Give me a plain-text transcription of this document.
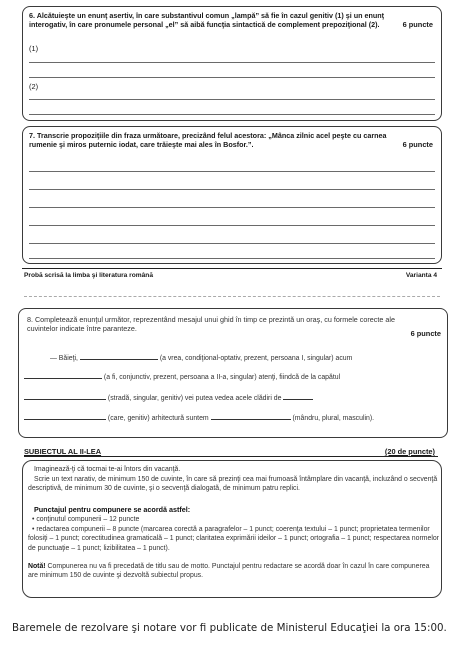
6. Alcătuieşte un enunţ asertiv, în care substantivul comun „lampă” să fie în cazul genitiv (1) şi un enunţ interogativ, în care pronumele personal „el” să aibă funcţia sintactică de complement prepoziţional (2).	6 puncte
(1)
(2)
7. Transcrie propoziţiile din fraza următoare, precizând felul acestora: „Mânca zilnic acel peşte cu carnea rumenie şi miros puternic iodat, care trăieşte mai ales în Bosfor.”.	6 puncte
Probă scrisă la limba şi literatura română	Varianta 4
8. Completează enunţul următor, reprezentând mesajul unui ghid în timp ce prezintă un oraş, cu formele corecte ale cuvintelor indicate între paranteze.
6 puncte
— Băieţi,	(a vrea, condiţional-optativ, prezent, persoana I, singular) acum
(a fi, conjunctiv, prezent, persoana a II-a, singular) atenţi, fiindcă de la capătul
(stradă, singular, genitiv) vei putea vedea acele clădiri de
(care, genitiv) arhitectură suntem	(mândru, plural, masculin).
SUBIECTUL AL II-LEA	(20 de puncte)
Imaginează-ţi că tocmai te-ai întors din vacanţă.
Scrie un text narativ, de minimum 150 de cuvinte, în care să prezinţi cea mai frumoasă întâmplare din vacanţă, incluzând o secvenţă descriptivă, de minimum 30 de cuvinte, şi o secvenţă dialogată, de minimum patru replici.
Punctajul pentru compunere se acordă astfel:
• conţinutul compunerii – 12 puncte
• redactarea compunerii – 8 puncte (marcarea corectă a paragrafelor – 1 punct; coerenţa textului – 1 punct; proprietatea termenilor folosiţi – 1 punct; corectitudinea gramaticală – 1 punct; claritatea exprimării ideilor – 1 punct; ortografia – 1 punct; respectarea normelor de punctuaţie – 1 punct; lizibilitatea – 1 punct).
Notă! Compunerea nu va fi precedată de titlu sau de motto. Punctajul pentru redactare se acordă doar în cazul în care compunerea are minimum 150 de cuvinte şi dezvoltă subiectul propus.
Baremele de rezolvare şi notare vor fi publicate de Ministerul Educaţiei la ora 15:00.
